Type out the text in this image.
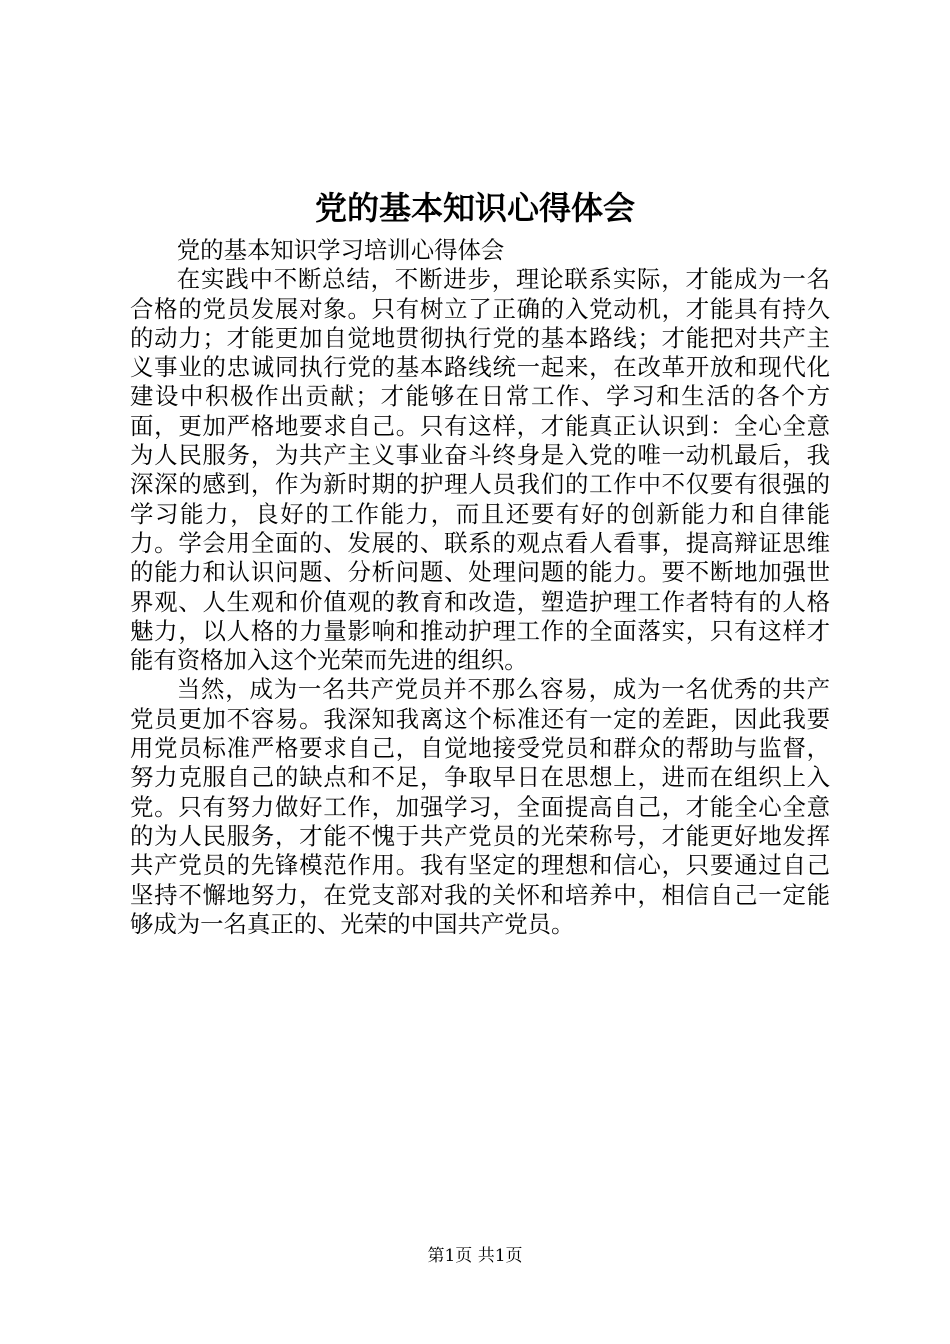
党的基本知识心得体会

党的基本知识学习培训心得体会

在实践中不断总结，不断进步，理论联系实际，才能成为一名合格的党员发展对象。只有树立了正确的入党动机，才能具有持久的动力；才能更加自觉地贯彻执行党的基本路线；才能把对共产主义事业的忠诚同执行党的基本路线统一起来，在改革开放和现代化建设中积极作出贡献；才能够在日常工作、学习和生活的各个方面，更加严格地要求自己。只有这样，才能真正认识到：全心全意为人民服务，为共产主义事业奋斗终身是入党的唯一动机最后，我深深的感到，作为新时期的护理人员我们的工作中不仅要有很强的学习能力，良好的工作能力，而且还要有好的创新能力和自律能力。学会用全面的、发展的、联系的观点看人看事，提高辩证思维的能力和认识问题、分析问题、处理问题的能力。要不断地加强世界观、人生观和价值观的教育和改造，塑造护理工作者特有的人格魅力，以人格的力量影响和推动护理工作的全面落实，只有这样才能有资格加入这个光荣而先进的组织。

当然，成为一名共产党员并不那么容易，成为一名优秀的共产党员更加不容易。我深知我离这个标准还有一定的差距，因此我要用党员标准严格要求自己，自觉地接受党员和群众的帮助与监督，努力克服自己的缺点和不足，争取早日在思想上，进而在组织上入党。只有努力做好工作，加强学习，全面提高自己，才能全心全意的为人民服务，才能不愧于共产党员的光荣称号，才能更好地发挥共产党员的先锋模范作用。我有坚定的理想和信心，只要通过自己坚持不懈地努力，在党支部对我的关怀和培养中，相信自己一定能够成为一名真正的、光荣的中国共产党员。

第1页 共1页
